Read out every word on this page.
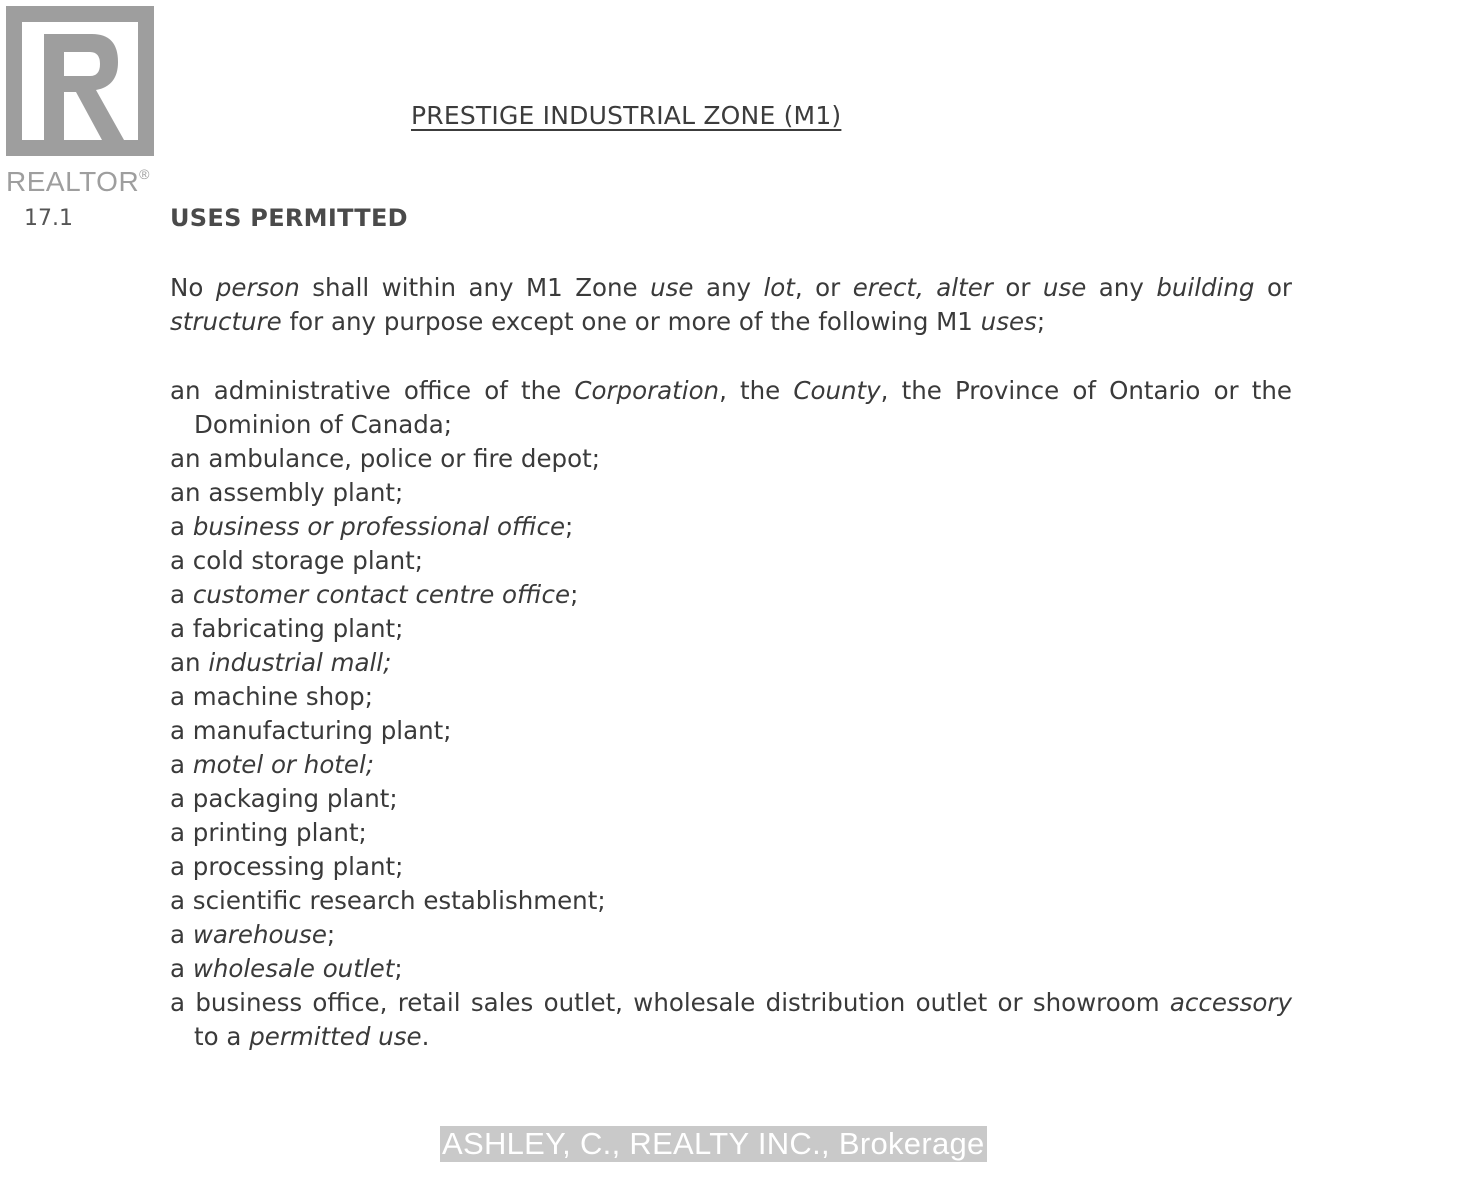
REALTOR®
PRESTIGE INDUSTRIAL ZONE (M1)
17.1	USES PERMITTED

No person shall within any M1 Zone use any lot, or erect, alter or use any building or structure for any purpose except one or more of the following M1 uses;

an administrative office of the Corporation, the County, the Province of Ontario or the Dominion of Canada;
an ambulance, police or fire depot;
an assembly plant;
a business or professional office;
a cold storage plant;
a customer contact centre office;
a fabricating plant;
an industrial mall;
a machine shop;
a manufacturing plant;
a motel or hotel;
a packaging plant;
a printing plant;
a processing plant;
a scientific research establishment;
a warehouse;
a wholesale outlet;
a business office, retail sales outlet, wholesale distribution outlet or showroom accessory to a permitted use.
ASHLEY, C., REALTY INC., Brokerage
